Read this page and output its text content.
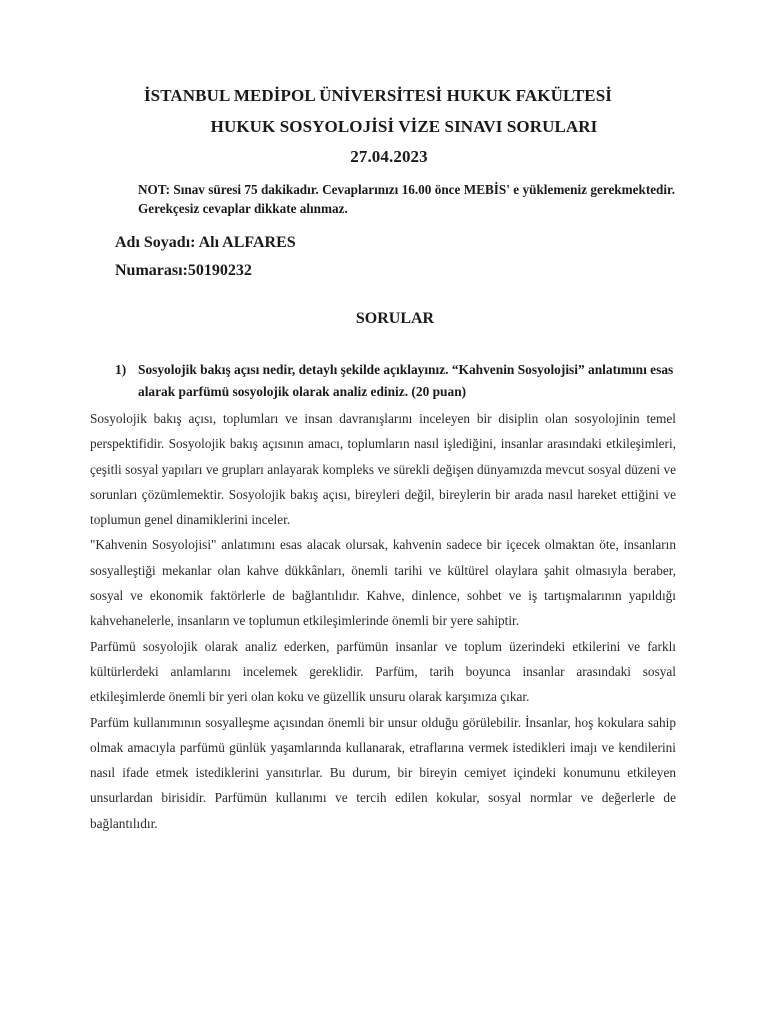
İSTANBUL MEDİPOL ÜNİVERSİTESİ HUKUK FAKÜLTESİ
HUKUK SOSYOLOJİSİ VİZE SINAVI SORULARI
27.04.2023
NOT: Sınav süresi 75 dakikadır. Cevaplarınızı 16.00 önce MEBİS' e yüklemeniz gerekmektedir. Gerekçesiz cevaplar dikkate alınmaz.
Adı Soyadı: Alı ALFARES
Numarası:50190232
SORULAR
1) Sosyolojik bakış açısı nedir, detaylı şekilde açıklayınız. “Kahvenin Sosyolojisi” anlatımını esas alarak parfümü sosyolojik olarak analiz ediniz. (20 puan)

Sosyolojik bakış açısı, toplumları ve insan davranışlarını inceleyen bir disiplin olan sosyolojinin temel perspektifidir. Sosyolojik bakış açısının amacı, toplumların nasıl işlediğini, insanlar arasındaki etkileşimleri, çeşitli sosyal yapıları ve grupları anlayarak kompleks ve sürekli değişen dünyamızda mevcut sosyal düzeni ve sorunları çözümlemektir. Sosyolojik bakış açısı, bireyleri değil, bireylerin bir arada nasıl hareket ettiğini ve toplumun genel dinamiklerini inceler.

"Kahvenin Sosyolojisi" anlatımını esas alacak olursak, kahvenin sadece bir içecek olmaktan öte, insanların sosyalleştiği mekanlar olan kahve dükkânları, önemli tarihi ve kültürel olaylara şahit olmasıyla beraber, sosyal ve ekonomik faktörlerle de bağlantılıdır. Kahve, dinlence, sohbet ve iş tartışmalarının yapıldığı kahvehanelerle, insanların ve toplumun etkileşimlerinde önemli bir yere sahiptir.

Parfümü sosyolojik olarak analiz ederken, parfümün insanlar ve toplum üzerindeki etkilerini ve farklı kültürlerdeki anlamlarını incelemek gereklidir. Parfüm, tarih boyunca insanlar arasındaki sosyal etkileşimlerde önemli bir yeri olan koku ve güzellik unsuru olarak karşımıza çıkar.

Parfüm kullanımının sosyalleşme açısından önemli bir unsur olduğu görülebilir. İnsanlar, hoş kokulara sahip olmak amacıyla parfümü günlük yaşamlarında kullanarak, etraflarına vermek istedikleri imajı ve kendilerini nasıl ifade etmek istediklerini yansıtırlar. Bu durum, bir bireyin cemiyet içindeki konumunu etkileyen unsurlardan birisidir. Parfümün kullanımı ve tercih edilen kokular, sosyal normlar ve değerlerle de bağlantılıdır.
